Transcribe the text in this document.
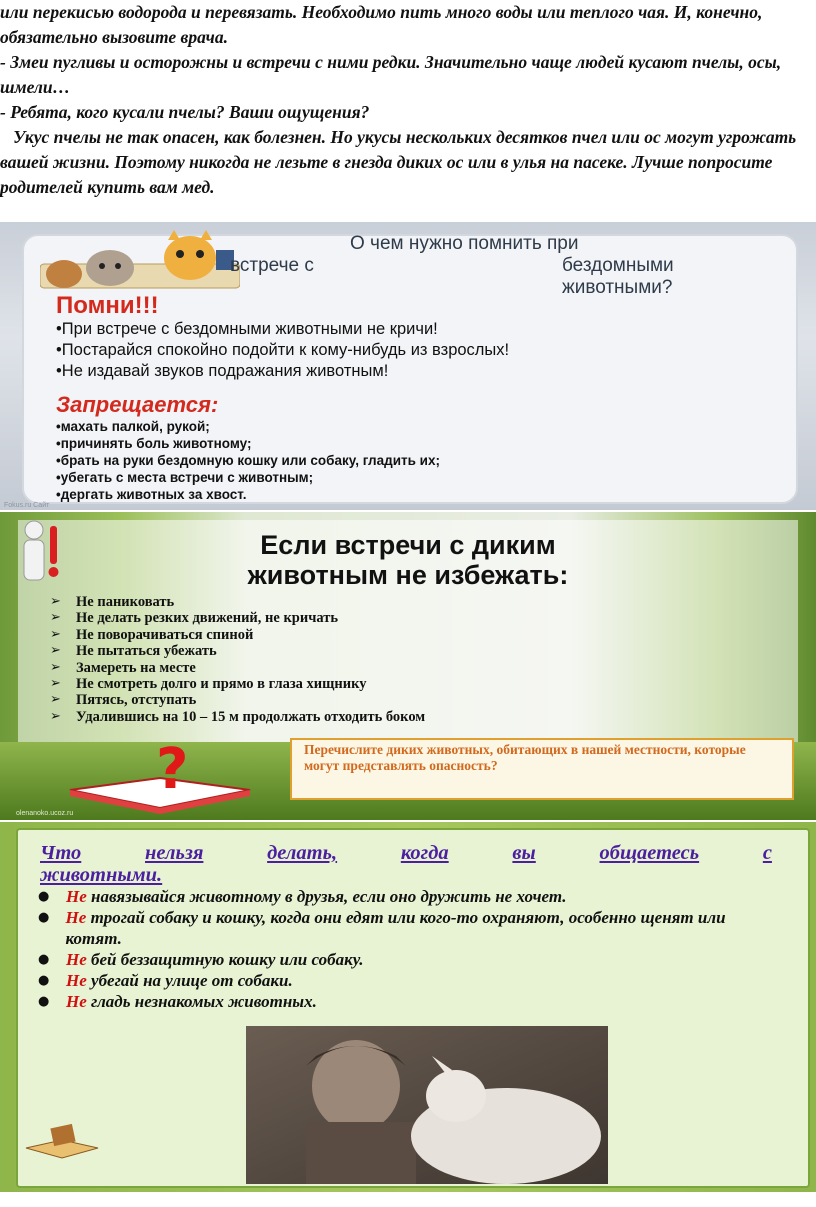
или перекисью водорода и перевязать. Необходимо пить много воды или теплого чая. И, конечно, обязательно вызовите врача.

- Змеи пугливы и осторожны и встречи с ними редки. Значительно чаще людей кусают пчелы, осы, шмели…

- Ребята, кого кусали пчелы? Ваши ощущения?

Укус пчелы не так опасен, как болезнен. Но укусы нескольких десятков пчел или ос могут угрожать вашей жизни. Поэтому никогда не лезьте в гнезда диких ос или в улья на пасеке. Лучше попросите родителей купить вам мед.

О чем нужно помнить при
встрече с	бездомными
животными?
Помни!!!
•При встрече с бездомными животными не кричи!
•Постарайся спокойно подойти к кому-нибудь из взрослых!
•Не издавай звуков подражания животным!
Запрещается:
•махать палкой, рукой;
•причинять боль животному;
•брать на руки бездомную кошку или собаку, гладить их;
•убегать с места встречи с животным;
•дергать животных за хвост.
Fokus.ru Сайт
Если встречи с диким
животным не избежать:
➢	Не паниковать
➢	Не делать резких движений, не кричать
➢	Не поворачиваться спиной
➢	Не пытаться убежать
➢	Замереть на месте
➢	Не смотреть долго и прямо в глаза хищнику
➢	Пятясь, отступать
➢	Удалившись на 10 – 15 м продолжать отходить боком
?	Перечислите диких животных, обитающих в нашей местности, которые могут представлять опасность?
olenanoko.ucoz.ru
Что	нельзя	делать,	когда	вы	общаетесь	с
животными.
● Не навязывайся животному в друзья, если оно дружить не хочет.
● Не трогай собаку и кошку, когда они едят или кого-то охраняют, особенно щенят или котят.
● Не бей беззащитную кошку или собаку.
● Не убегай на улице от собаки.
● Не гладь незнакомых животных.
